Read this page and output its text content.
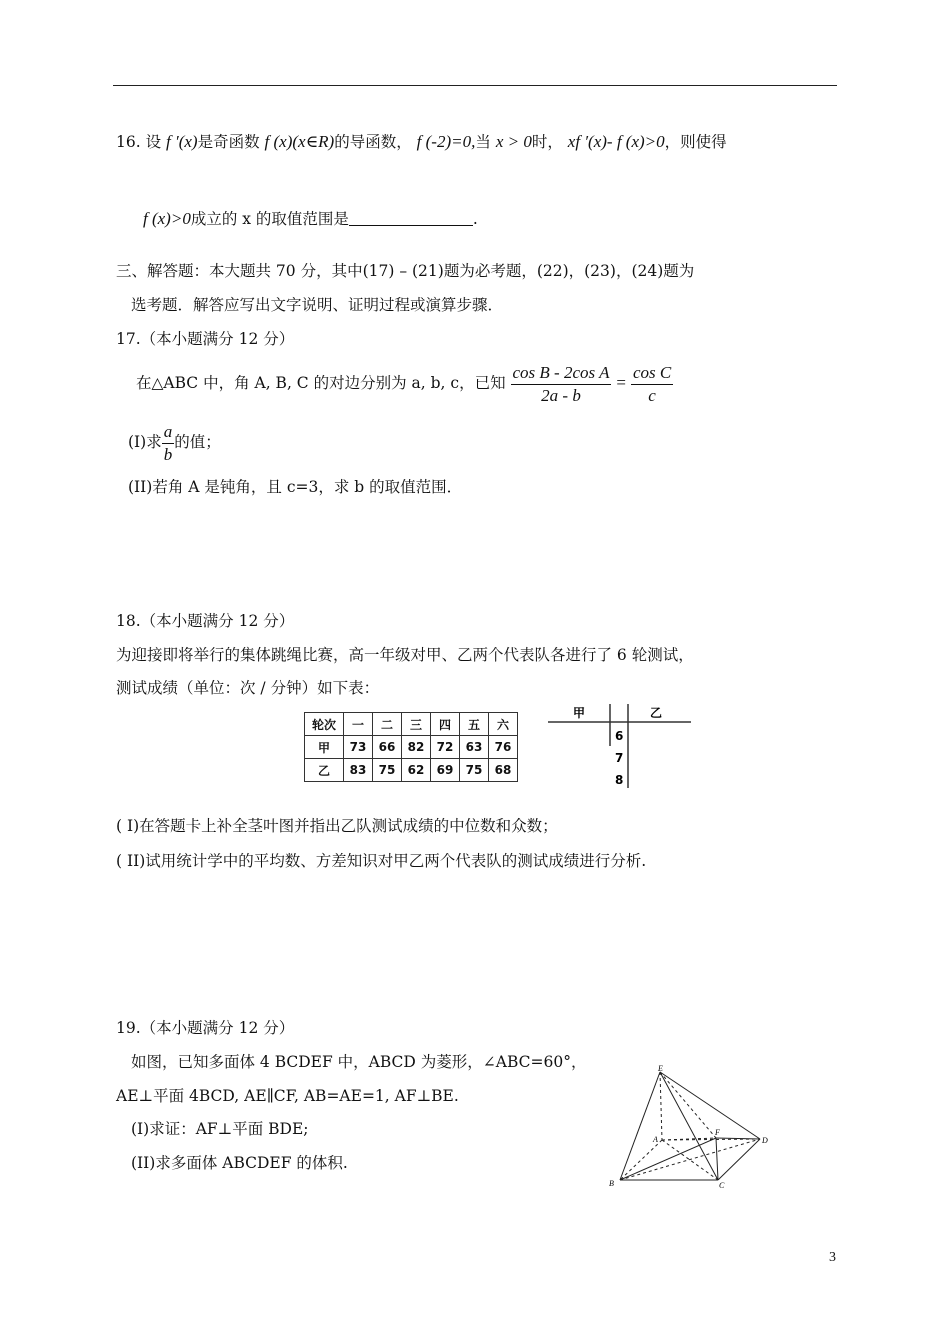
16. 设 f ′(x)是奇函数 f (x)(x∈R)的导函数， f (-2)=0,当 x > 0时， xf ′(x)- f (x)>0，则使得
f (x)>0成立的 x 的取值范围是	.
三、解答题：本大题共 70 分，其中(17) – (21)题为必考题，(22)，(23)，(24)题为
选考题．解答应写出文字说明、证明过程或演算步骤．
17.（本小题满分 12 分）
在△ABC 中，角 A, B, C 的对边分别为 a, b, c，已知 $\frac{\text{cos B - 2cos A}}{2a - b} = \frac{\text{cos C}}{c}$
(I)求 $\frac{a}{b}$ 的值；
(II)若角 A 是钝角，且 c=3，求 b 的取值范围．
18.（本小题满分 12 分）
为迎接即将举行的集体跳绳比赛，高一年级对甲、乙两个代表队各进行了 6 轮测试，
测试成绩（单位：次 / 分钟）如下表：
轮次	一	二	三	四	五	六
甲	73	66	82	72	63	76
乙	83	75	62	69	75	68
甲	乙
6
7
8
( I)在答题卡上补全茎叶图并指出乙队测试成绩的中位数和众数；
( II)试用统计学中的平均数、方差知识对甲乙两个代表队的测试成绩进行分析.
19.（本小题满分 12 分）
如图，已知多面体 4 BCDEF 中，ABCD 为菱形，∠ABC=60°，
AE⊥平面 4BCD, AE∥CF, AB=AE=1, AF⊥BE.
(I)求证：AF⊥平面 BDE;
(II)求多面体 ABCDEF 的体积.
E
A
F
D
B	C
3
